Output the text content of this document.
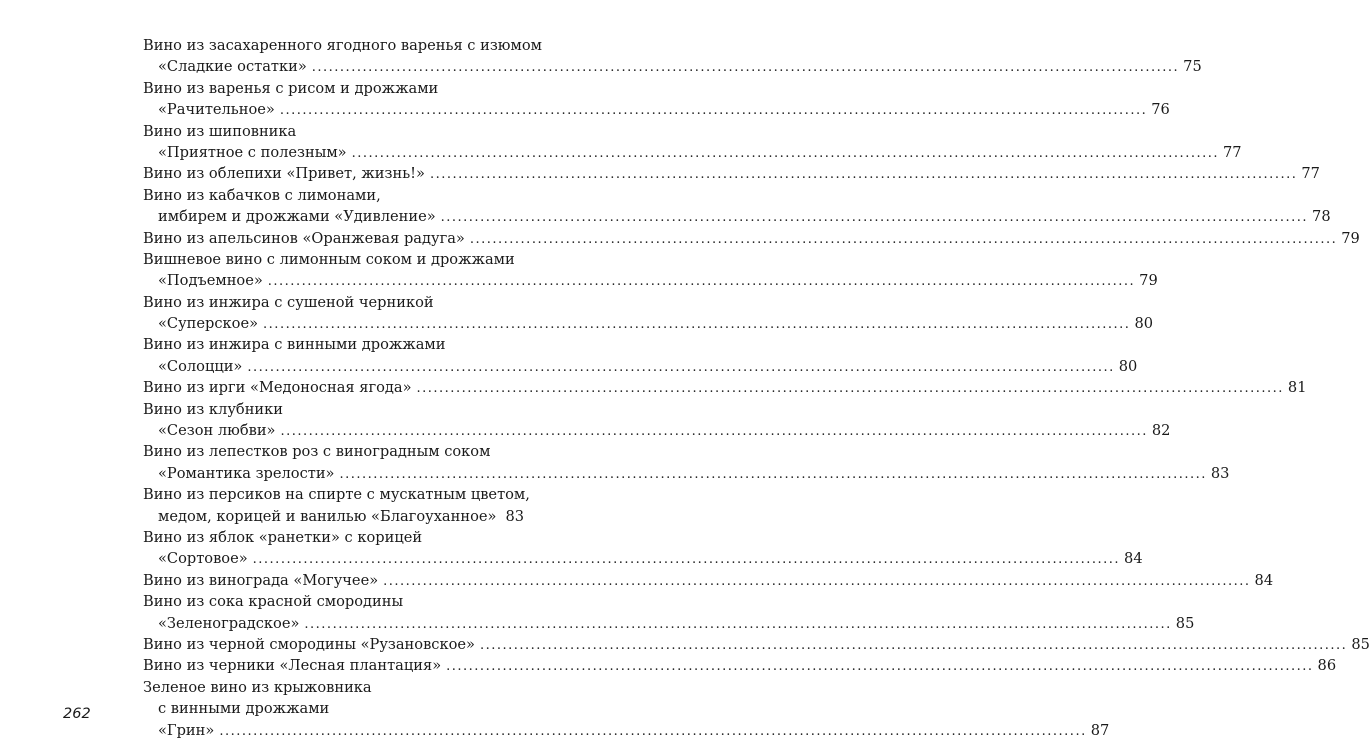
Вино из засахаренного ягодного варенья с изюмом
«Сладкие остатки» .....	75
Вино из варенья с рисом и дрожжами
«Рачительное» .....	76
Вино из шиповника
«Приятное с полезным» .....	77
Вино из облепихи «Привет, жизнь!» .....	77
Вино из кабачков с лимонами,
имбирем и дрожжами «Удивление» .....	78
Вино из апельсинов «Оранжевая радуга» .....	79
Вишневое вино с лимонным соком и дрожжами
«Подъемное» .....	79
Вино из инжира с сушеной черникой
«Суперское» .....	80
Вино из инжира с винными дрожжами
«Солоцци» .....	80
Вино из ирги «Медоносная ягода» .....	81
Вино из клубники
«Сезон любви» .....	82
Вино из лепестков роз с виноградным соком
«Романтика зрелости» .....	83
Вино из персиков на спирте с мускатным цветом,
медом, корицей и ванилью «Благоуханное» 83
Вино из яблок «ранетки» с корицей
«Сортовое» .....	84
Вино из винограда «Могучее» .....	84
Вино из сока красной смородины
«Зеленоградское» .....	85
Вино из черной смородины «Рузановское» .....	85
Вино из черники «Лесная плантация» .....	86
Зеленое вино из крыжовника
с винными дрожжами
«Грин» .....	87
262
